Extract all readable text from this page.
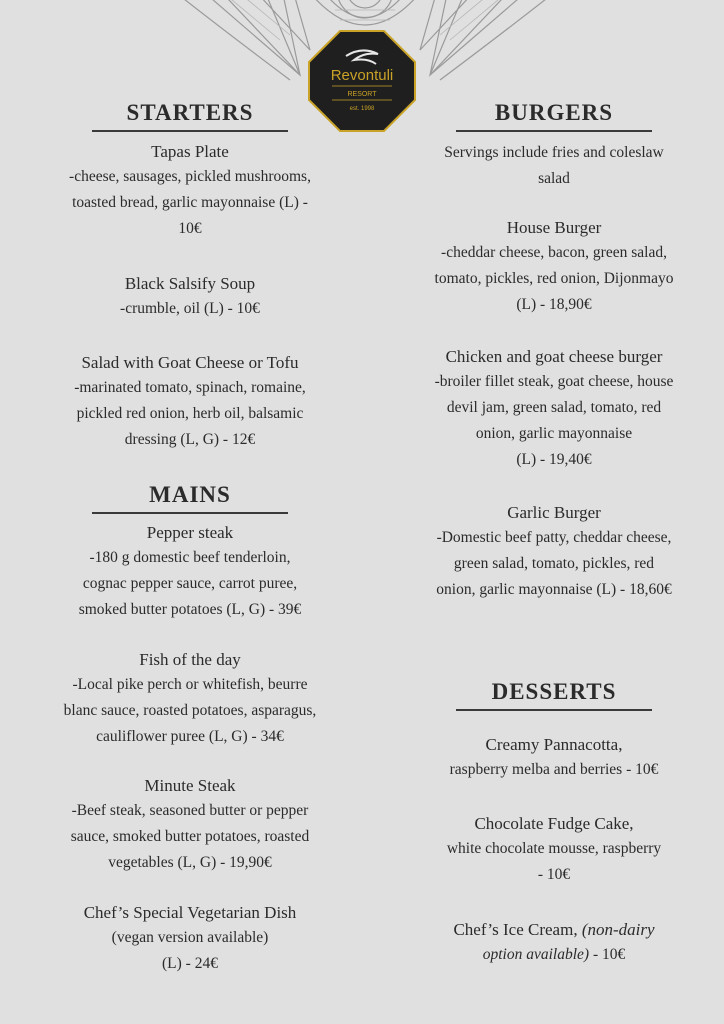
Revontuli
RESORT
est. 1998
STARTERS

Tapas Plate

-cheese, sausages, pickled mushrooms,
toasted bread, garlic mayonnaise (L) -
10€

Black Salsify Soup

-crumble, oil (L) - 10€

Salad with Goat Cheese or Tofu

-marinated tomato, spinach, romaine,
pickled red onion, herb oil, balsamic
dressing (L, G) - 12€

MAINS

Pepper steak

-180 g domestic beef tenderloin,
cognac pepper sauce, carrot puree,
smoked butter potatoes (L, G) - 39€

Fish of the day

-Local pike perch or whitefish, beurre
blanc sauce, roasted potatoes, asparagus,
cauliflower puree (L, G) - 34€

Minute Steak

-Beef steak, seasoned butter or pepper
sauce, smoked butter potatoes, roasted
vegetables (L, G) - 19,90€

Chef’s Special Vegetarian Dish

(vegan version available)
(L) - 24€

BURGERS

Servings include fries and coleslaw
salad

House Burger

-cheddar cheese, bacon, green salad,
tomato, pickles, red onion, Dijonmayo
(L) - 18,90€

Chicken and goat cheese burger

-broiler fillet steak, goat cheese, house
devil jam, green salad, tomato, red
onion, garlic mayonnaise
(L) - 19,40€

Garlic Burger

-Domestic beef patty, cheddar cheese,
green salad, tomato, pickles, red
onion, garlic mayonnaise (L) - 18,60€

DESSERTS

Creamy Pannacotta,

raspberry melba and berries - 10€

Chocolate Fudge Cake,

white chocolate mousse, raspberry
- 10€

Chef’s Ice Cream, (non-dairy

option available) - 10€
